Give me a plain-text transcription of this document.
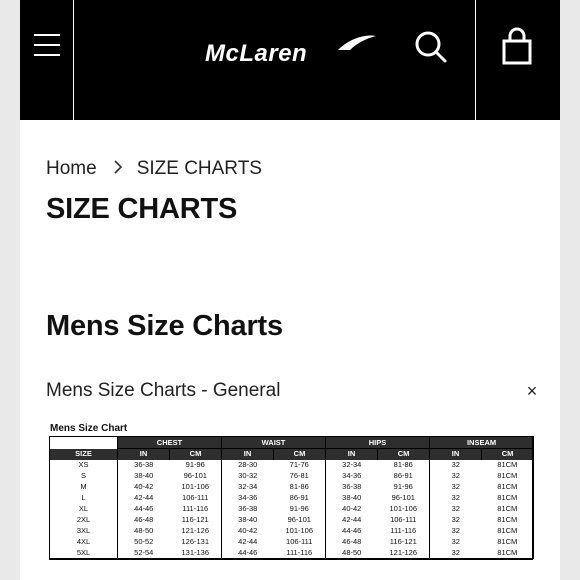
McLaren
Home SIZE CHARTS
SIZE CHARTS
Mens Size Charts
Mens Size Charts - General	×
Mens Size Chart
	CHEST		WAIST		HIPS		INSEAM	
SIZE	IN	CM	IN	CM	IN	CM	IN	CM
XS	36-38	91-96	28-30	71-76	32-34	81-86	32	81CM
S	38-40	96-101	30-32	76-81	34-36	86-91	32	81CM
M	40-42	101-106	32-34	81-86	36-38	91-96	32	81CM
L	42-44	106-111	34-36	86-91	38-40	96-101	32	81CM
XL	44-46	111-116	36-38	91-96	40-42	101-106	32	81CM
2XL	46-48	116-121	38-40	96-101	42-44	106-111	32	81CM
3XL	48-50	121-126	40-42	101-106	44-46	111-116	32	81CM
4XL	50-52	126-131	42-44	106-111	46-48	116-121	32	81CM
5XL	52-54	131-136	44-46	111-116	48-50	121-126	32	81CM
